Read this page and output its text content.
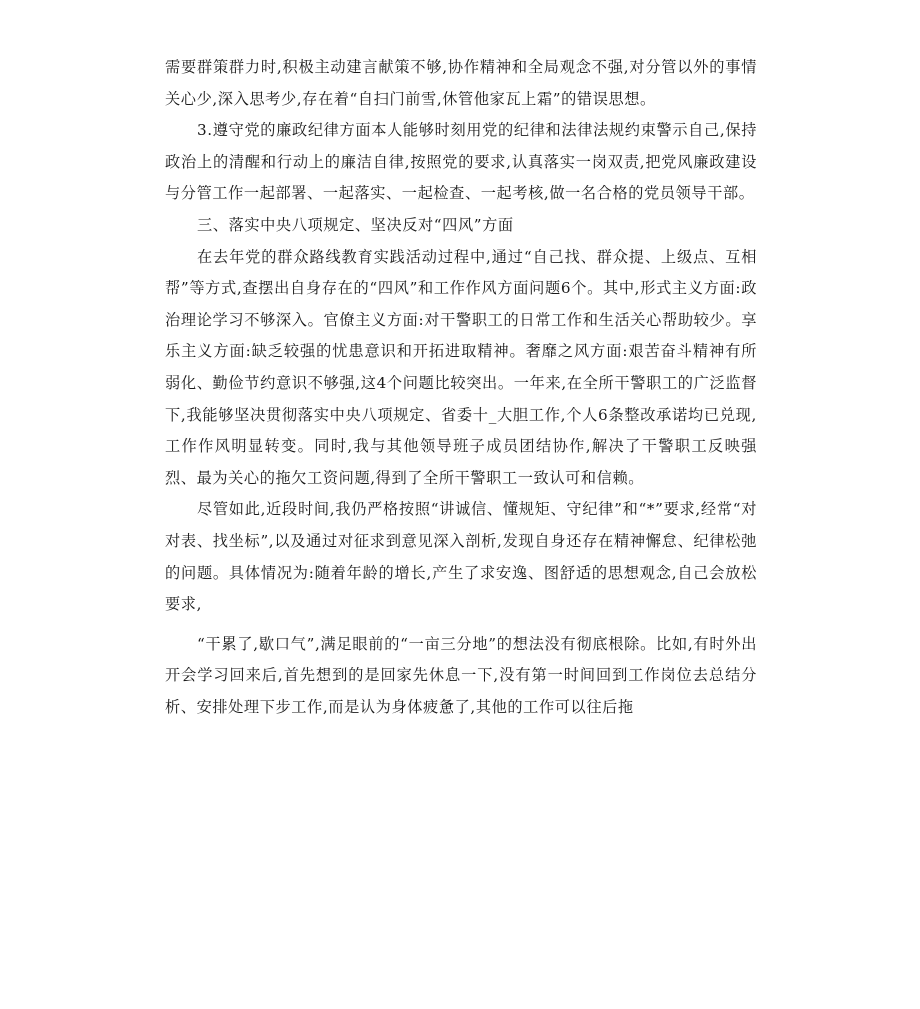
需要群策群力时,积极主动建言献策不够,协作精神和全局观念不强,对分管以外的事情关心少,深入思考少,存在着“自扫门前雪,休管他家瓦上霜”的错误思想。

3.遵守党的廉政纪律方面本人能够时刻用党的纪律和法律法规约束警示自己,保持政治上的清醒和行动上的廉洁自律,按照党的要求,认真落实一岗双责,把党风廉政建设与分管工作一起部署、一起落实、一起检查、一起考核,做一名合格的党员领导干部。

三、落实中央八项规定、坚决反对“四风”方面

在去年党的群众路线教育实践活动过程中,通过“自己找、群众提、上级点、互相帮”等方式,查摆出自身存在的“四风”和工作作风方面问题6个。其中,形式主义方面:政治理论学习不够深入。官僚主义方面:对干警职工的日常工作和生活关心帮助较少。享乐主义方面:缺乏较强的忧患意识和开拓进取精神。奢靡之风方面:艰苦奋斗精神有所弱化、勤俭节约意识不够强,这4个问题比较突出。一年来,在全所干警职工的广泛监督下,我能够坚决贯彻落实中央八项规定、省委十_大胆工作,个人6条整改承诺均已兑现,工作作风明显转变。同时,我与其他领导班子成员团结协作,解决了干警职工反映强烈、最为关心的拖欠工资问题,得到了全所干警职工一致认可和信赖。

尽管如此,近段时间,我仍严格按照“讲诚信、懂规矩、守纪律”和“*”要求,经常“对对表、找坐标”,以及通过对征求到意见深入剖析,发现自身还存在精神懈怠、纪律松弛的问题。具体情况为:随着年龄的增长,产生了求安逸、图舒适的思想观念,自己会放松要求,

“干累了,歇口气”,满足眼前的“一亩三分地”的想法没有彻底根除。比如,有时外出开会学习回来后,首先想到的是回家先休息一下,没有第一时间回到工作岗位去总结分析、安排处理下步工作,而是认为身体疲惫了,其他的工作可以往后拖
